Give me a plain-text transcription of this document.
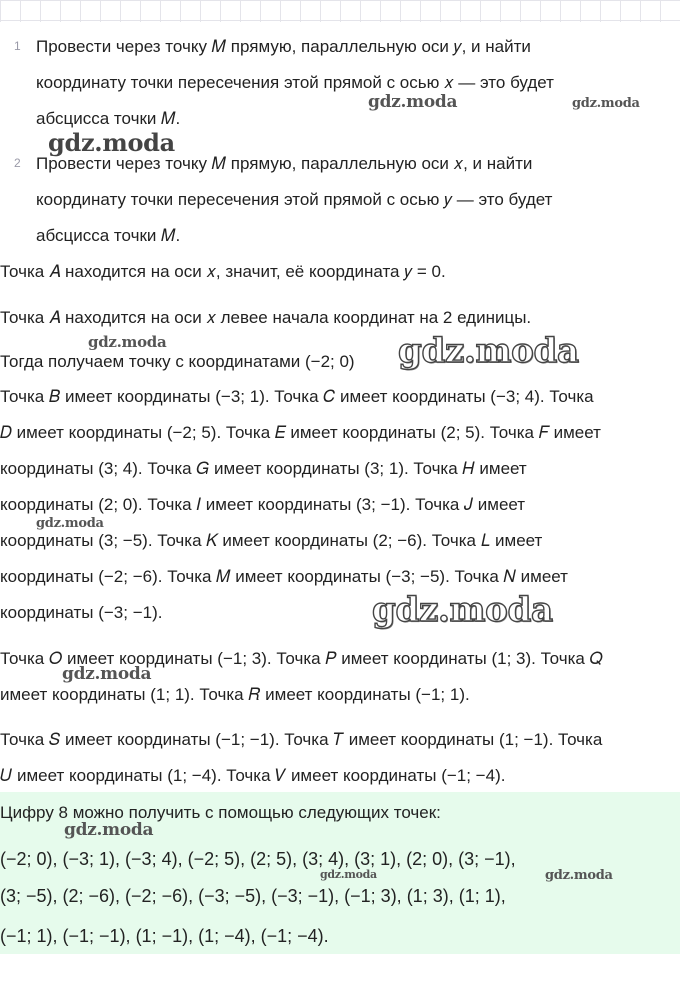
1 Провести через точку 𝑀 прямую, параллельную оси 𝑦, и найти
координату точки пересечения этой прямой с осью 𝑥 — это будет
абсцисса точки 𝑀.
2 Провести через точку 𝑀 прямую, параллельную оси 𝑥, и найти
координату точки пересечения этой прямой с осью 𝑦 — это будет
абсцисса точки 𝑀.
Точка 𝐴 находится на оси 𝑥, значит, её координата 𝑦 = 0.
Точка 𝐴 находится на оси 𝑥 левее начала координат на 2 единицы.
Тогда получаем точку с координатами (−2; 0)
Точка 𝐵 имеет координаты (−3; 1). Точка 𝐶 имеет координаты (−3; 4). Точка
𝐷 имеет координаты (−2; 5). Точка 𝐸 имеет координаты (2; 5). Точка 𝐹 имеет
координаты (3; 4). Точка 𝐺 имеет координаты (3; 1). Точка 𝐻 имеет
координаты (2; 0). Точка 𝐼 имеет координаты (3; −1). Точка 𝐽 имеет
координаты (3; −5). Точка 𝐾 имеет координаты (2; −6). Точка 𝐿 имеет
координаты (−2; −6). Точка 𝑀 имеет координаты (−3; −5). Точка 𝑁 имеет
координаты (−3; −1).
Точка 𝑂 имеет координаты (−1; 3). Точка 𝑃 имеет координаты (1; 3). Точка 𝑄
имеет координаты (1; 1). Точка 𝑅 имеет координаты (−1; 1).
Точка 𝑆 имеет координаты (−1; −1). Точка 𝑇 имеет координаты (1; −1). Точка
𝑈 имеет координаты (1; −4). Точка 𝑉 имеет координаты (−1; −4).
Цифру 8 можно получить с помощью следующих точек:
(−2; 0), (−3; 1), (−3; 4), (−2; 5), (2; 5), (3; 4), (3; 1), (2; 0), (3; −1),
(3; −5), (2; −6), (−2; −6), (−3; −5), (−3; −1), (−1; 3), (1; 3), (1; 1),
(−1; 1), (−1; −1), (1; −1), (1; −4), (−1; −4).
gdz.moda	gdz.moda
gdz.moda
gdz.moda	gdz.moda
gdz.moda
gdz.moda
gdz.moda
gdz.moda
gdz.moda	gdz.moda
